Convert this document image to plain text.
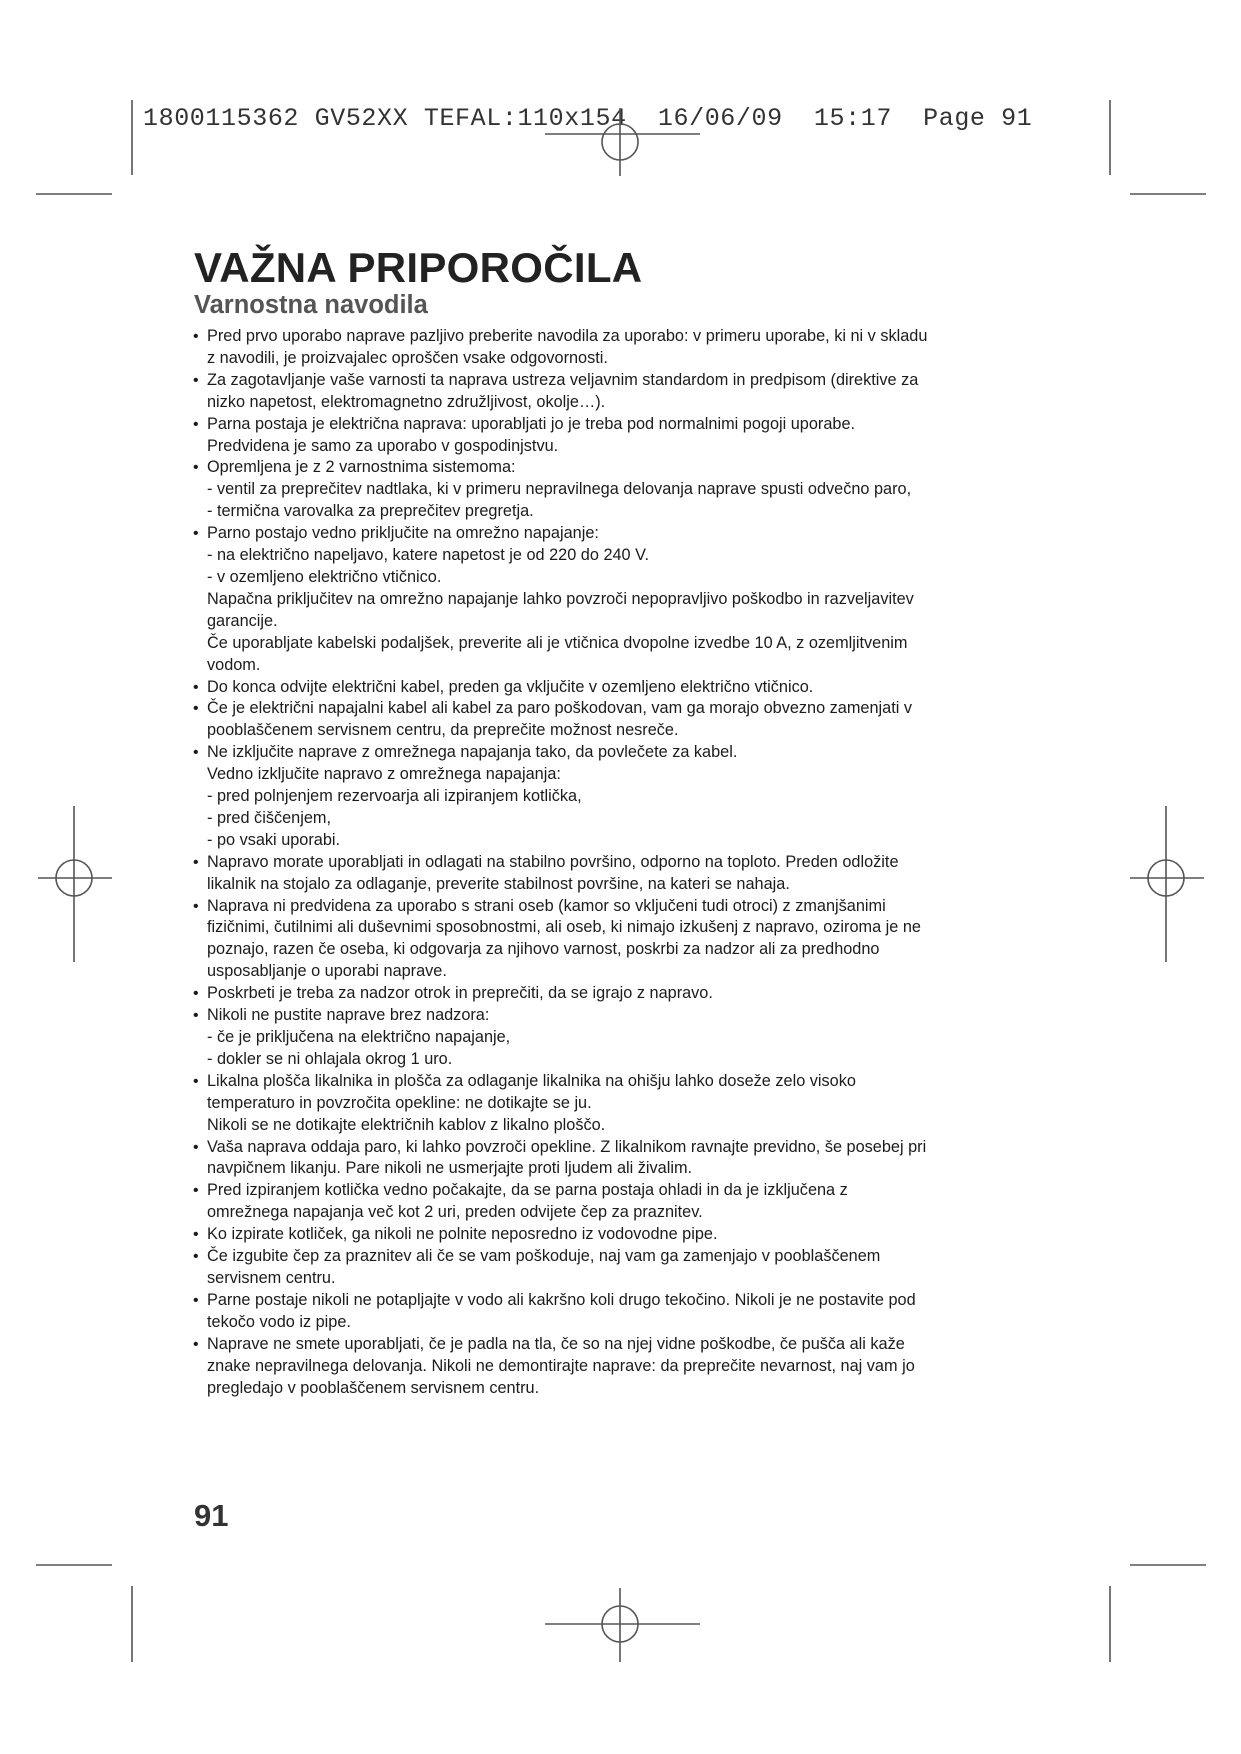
1800115362 GV52XX TEFAL:110x154  16/06/09  15:17  Page 91
VAŽNA PRIPOROČILA
Varnostna navodila
• Pred prvo uporabo naprave pazljivo preberite navodila za uporabo: v primeru uporabe, ki ni v skladu
z navodili, je proizvajalec oproščen vsake odgovornosti.
• Za zagotavljanje vaše varnosti ta naprava ustreza veljavnim standardom in predpisom (direktive za
nizko napetost, elektromagnetno združljivost, okolje…).
• Parna postaja je električna naprava: uporabljati jo je treba pod normalnimi pogoji uporabe.
Predvidena je samo za uporabo v gospodinjstvu.
• Opremljena je z 2 varnostnima sistemoma:
- ventil za preprečitev nadtlaka, ki v primeru nepravilnega delovanja naprave spusti odvečno paro,
- termična varovalka za preprečitev pregretja.
• Parno postajo vedno priključite na omrežno napajanje:
- na električno napeljavo, katere napetost je od 220 do 240 V.
- v ozemljeno električno vtičnico.
Napačna priključitev na omrežno napajanje lahko povzroči nepopravljivo poškodbo in razveljavitev
garancije.
Če uporabljate kabelski podaljšek, preverite ali je vtičnica dvopolne izvedbe 10 A, z ozemljitvenim
vodom.
• Do konca odvijte električni kabel, preden ga vključite v ozemljeno električno vtičnico.
• Če je električni napajalni kabel ali kabel za paro poškodovan, vam ga morajo obvezno zamenjati v
pooblaščenem servisnem centru, da preprečite možnost nesreče.
• Ne izključite naprave z omrežnega napajanja tako, da povlečete za kabel.
Vedno izključite napravo z omrežnega napajanja:
- pred polnjenjem rezervoarja ali izpiranjem kotlička,
- pred čiščenjem,
- po vsaki uporabi.
• Napravo morate uporabljati in odlagati na stabilno površino, odporno na toploto. Preden odložite
likalnik na stojalo za odlaganje, preverite stabilnost površine, na kateri se nahaja.
• Naprava ni predvidena za uporabo s strani oseb (kamor so vključeni tudi otroci) z zmanjšanimi
fizičnimi, čutilnimi ali duševnimi sposobnostmi, ali oseb, ki nimajo izkušenj z napravo, oziroma je ne
poznajo, razen če oseba, ki odgovarja za njihovo varnost, poskrbi za nadzor ali za predhodno
usposabljanje o uporabi naprave.
• Poskrbeti je treba za nadzor otrok in preprečiti, da se igrajo z napravo.
• Nikoli ne pustite naprave brez nadzora:
- če je priključena na električno napajanje,
- dokler se ni ohlajala okrog 1 uro.
• Likalna plošča likalnika in plošča za odlaganje likalnika na ohišju lahko doseže zelo visoko
temperaturo in povzročita opekline: ne dotikajte se ju.
Nikoli se ne dotikajte električnih kablov z likalno ploščo.
• Vaša naprava oddaja paro, ki lahko povzroči opekline. Z likalnikom ravnajte previdno, še posebej pri
navpičnem likanju. Pare nikoli ne usmerjajte proti ljudem ali živalim.
• Pred izpiranjem kotlička vedno počakajte, da se parna postaja ohladi in da je izključena z
omrežnega napajanja več kot 2 uri, preden odvijete čep za praznitev.
• Ko izpirate kotliček, ga nikoli ne polnite neposredno iz vodovodne pipe.
• Če izgubite čep za praznitev ali če se vam poškoduje, naj vam ga zamenjajo v pooblaščenem
servisnem centru.
• Parne postaje nikoli ne potapljajte v vodo ali kakršno koli drugo tekočino. Nikoli je ne postavite pod
tekočo vodo iz pipe.
• Naprave ne smete uporabljati, če je padla na tla, če so na njej vidne poškodbe, če pušča ali kaže
znake nepravilnega delovanja. Nikoli ne demontirajte naprave: da preprečite nevarnost, naj vam jo
pregledajo v pooblaščenem servisnem centru.
91
